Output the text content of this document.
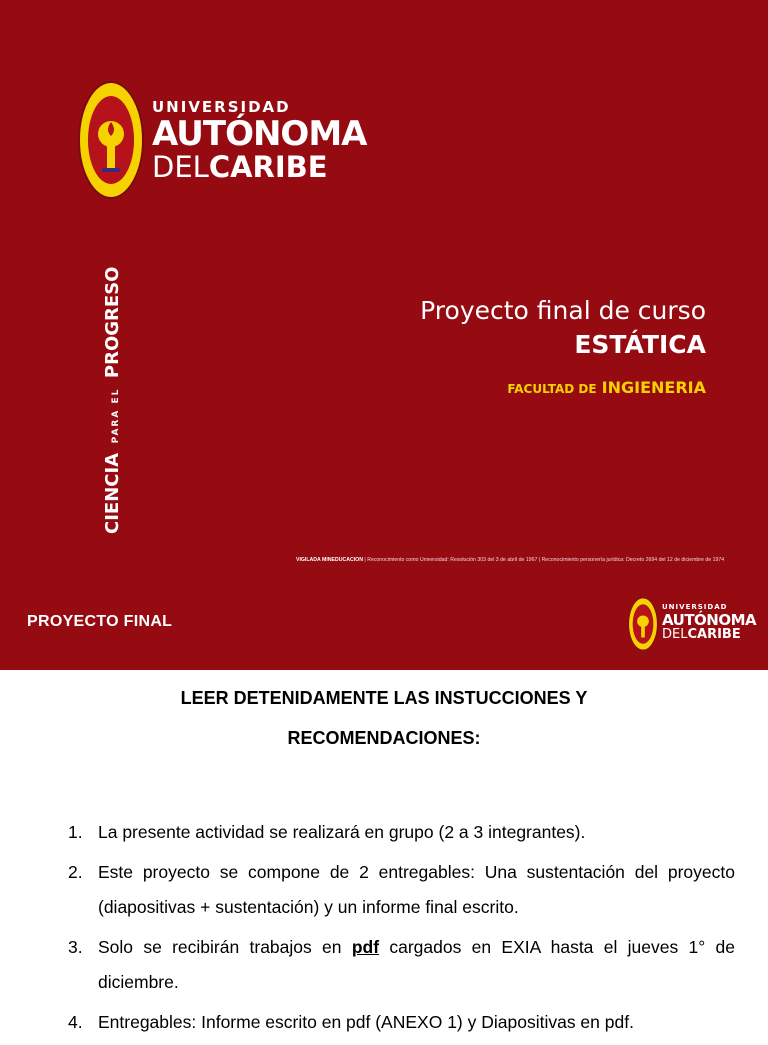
UNIVERSIDAD
AUTÓNOMA
DELCARIBE
CIENCIA PARA EL PROGRESO	Proyecto final de curso
ESTÁTICA
FACULTAD DE INGIENERIA
VIGILADA MINEDUCACIÓN | Reconocimiento como Universidad: Resolución 303 del 3 de abril de 1967 | Reconocimiento personería jurídica: Decreto 2694 del 12 de diciembre de 1974
PROYECTO FINAL
UNIVERSIDAD
AUTÓNOMA
DELCARIBE
LEER DETENIDAMENTE LAS INSTUCCIONES Y
RECOMENDACIONES:
1. La presente actividad se realizará en grupo (2 a 3 integrantes).
2. Este proyecto se compone de 2 entregables: Una sustentación del proyecto (diapositivas + sustentación) y un informe final escrito.
3. Solo se recibirán trabajos en pdf cargados en EXIA hasta el jueves 1° de diciembre.
4. Entregables: Informe escrito en pdf (ANEXO 1) y Diapositivas en pdf.
